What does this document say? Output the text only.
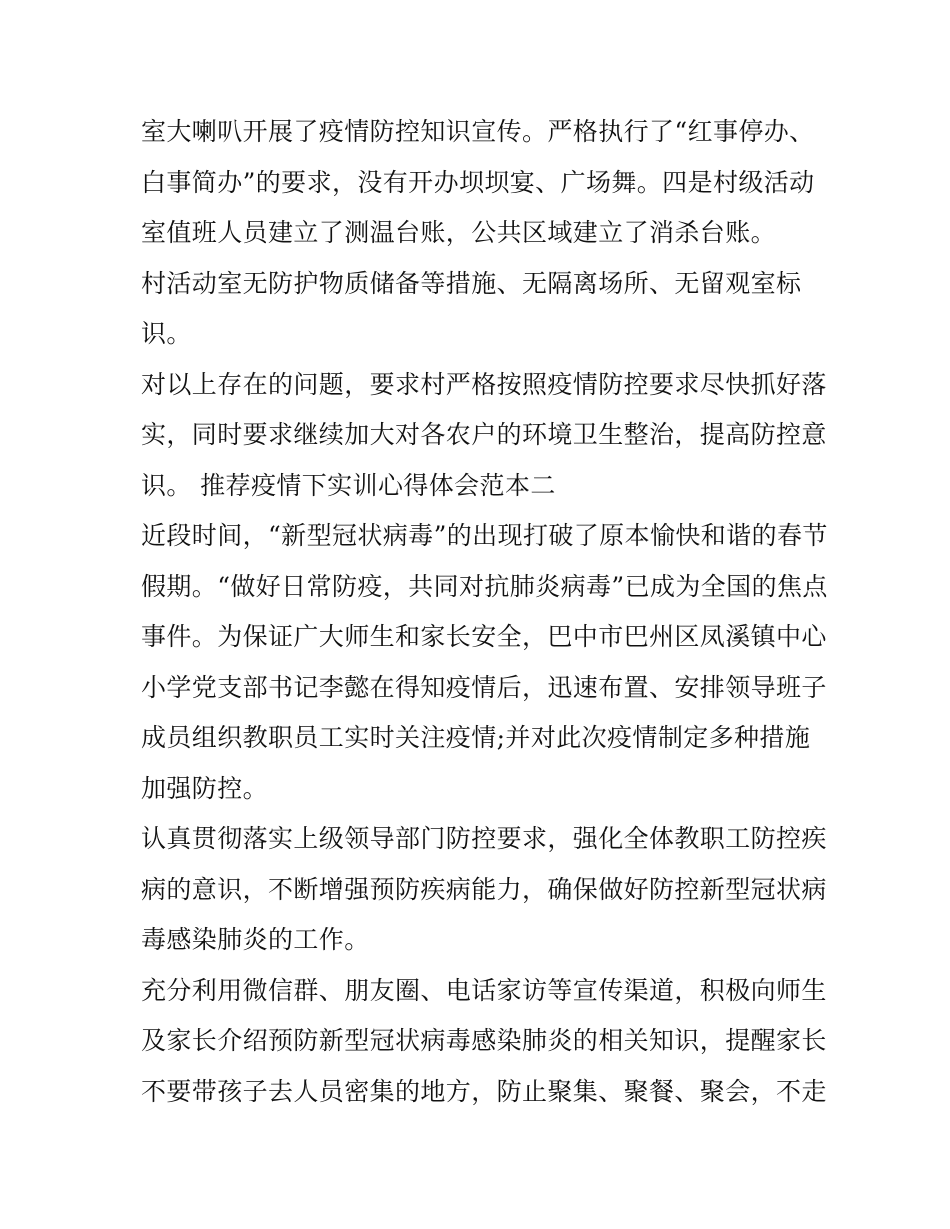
室大喇叭开展了疫情防控知识宣传。严格执行了“红事停办、
白事简办”的要求，没有开办坝坝宴、广场舞。四是村级活动
室值班人员建立了测温台账，公共区域建立了消杀台账。
村活动室无防护物质储备等措施、无隔离场所、无留观室标
识。
对以上存在的问题，要求村严格按照疫情防控要求尽快抓好落
实，同时要求继续加大对各农户的环境卫生整治，提高防控意
识。 推荐疫情下实训心得体会范本二
近段时间，“新型冠状病毒”的出现打破了原本愉快和谐的春节
假期。“做好日常防疫，共同对抗肺炎病毒”已成为全国的焦点
事件。为保证广大师生和家长安全，巴中市巴州区凤溪镇中心
小学党支部书记李懿在得知疫情后，迅速布置、安排领导班子
成员组织教职员工实时关注疫情;并对此次疫情制定多种措施
加强防控。
认真贯彻落实上级领导部门防控要求，强化全体教职工防控疾
病的意识，不断增强预防疾病能力，确保做好防控新型冠状病
毒感染肺炎的工作。
充分利用微信群、朋友圈、电话家访等宣传渠道，积极向师生
及家长介绍预防新型冠状病毒感染肺炎的相关知识，提醒家长
不要带孩子去人员密集的地方，防止聚集、聚餐、聚会，不走
